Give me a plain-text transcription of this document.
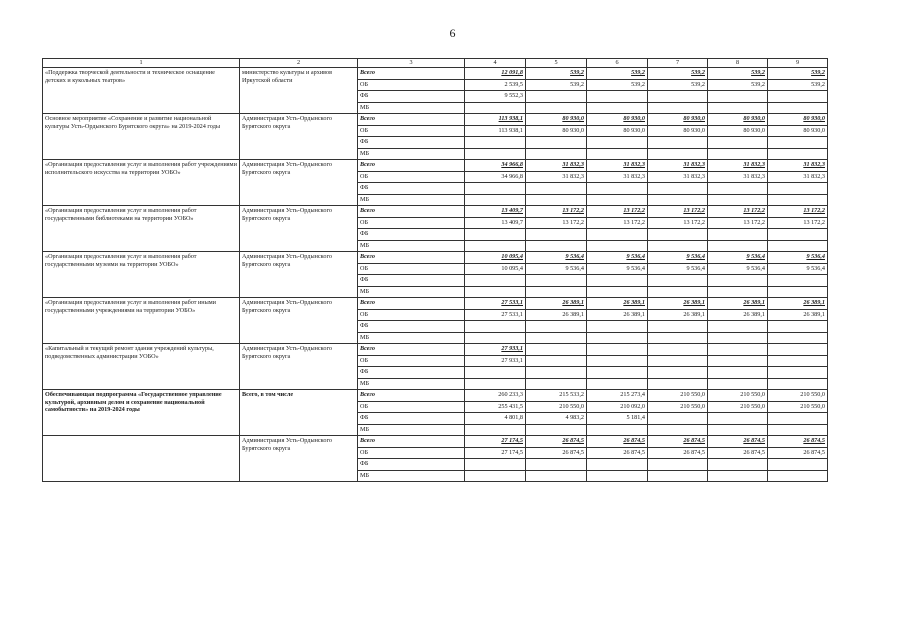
6
1	2	3	4	5	6	7	8	9
«Поддержка творческой деятельности и техническое оснащение детских и кукольных театров»	министерство культуры и архивов Иркутской области	Всего	12 091,8	539,2	539,2	539,2	539,2	539,2
		ОБ	2 539,5	539,2	539,2	539,2	539,2	539,2
		ФБ	9 552,3					
		МБ						
Основное мероприятие «Сохранение и развитие национальной культуры Усть-Ордынского Бурятского округа» на 2019-2024 годы	Администрация Усть-Ордынского Бурятского округа	Всего	113 938,1	80 930,0	80 930,0	80 930,0	80 930,0	80 930,0
		ОБ	113 938,1	80 930,0	80 930,0	80 930,0	80 930,0	80 930,0
		ФБ						
		МБ						
«Организация предоставления услуг и выполнения работ учреждениями исполнительского искусства на территории УОБО»	Администрация Усть-Ордынского Бурятского округа	Всего	34 966,8	31 832,3	31 832,3	31 832,3	31 832,3	31 832,3
		ОБ	34 966,8	31 832,3	31 832,3	31 832,3	31 832,3	31 832,3
		ФБ						
		МБ						
«Организация предоставления услуг и выполнения работ государственными библиотеками на территории УОБО»	Администрация Усть-Ордынского Бурятского округа	Всего	13 409,7	13 172,2	13 172,2	13 172,2	13 172,2	13 172,2
		ОБ	13 409,7	13 172,2	13 172,2	13 172,2	13 172,2	13 172,2
		ФБ						
		МБ						
«Организация предоставления услуг и выполнения работ государственными музеями на территории УОБО»	Администрация Усть-Ордынского Бурятского округа	Всего	10 095,4	9 536,4	9 536,4	9 536,4	9 536,4	9 536,4
		ОБ	10 095,4	9 536,4	9 536,4	9 536,4	9 536,4	9 536,4
		ФБ						
		МБ						
«Организация предоставления услуг и выполнения работ иными государственными учреждениями на территории УОБО»	Администрация Усть-Ордынского Бурятского округа	Всего	27 533,1	26 389,1	26 389,1	26 389,1	26 389,1	26 389,1
		ОБ	27 533,1	26 389,1	26 389,1	26 389,1	26 389,1	26 389,1
		ФБ						
		МБ						
«Капитальный и текущий ремонт здания учреждений культуры, подведомственных администрации УОБО»	Администрация Усть-Ордынского Бурятского округа	Всего	27 933,1					
		ОБ	27 933,1					
		ФБ						
		МБ						
Обеспечивающая подпрограмма «Государственное управление культурой, архивным делом и сохранение национальной самобытности» на 2019-2024 годы	Всего, в том числе	Всего	260 233,3	215 533,2	215 273,4	210 550,0	210 550,0	210 550,0
		ОБ	255 431,5	210 550,0	210 092,0	210 550,0	210 550,0	210 550,0
		ФБ	4 801,8	4 983,2	5 181,4			
		МБ						
	Администрация Усть-Ордынского Бурятского округа	Всего	27 174,5	26 874,5	26 874,5	26 874,5	26 874,5	26 874,5
		ОБ	27 174,5	26 874,5	26 874,5	26 874,5	26 874,5	26 874,5
		ФБ						
		МБ						
